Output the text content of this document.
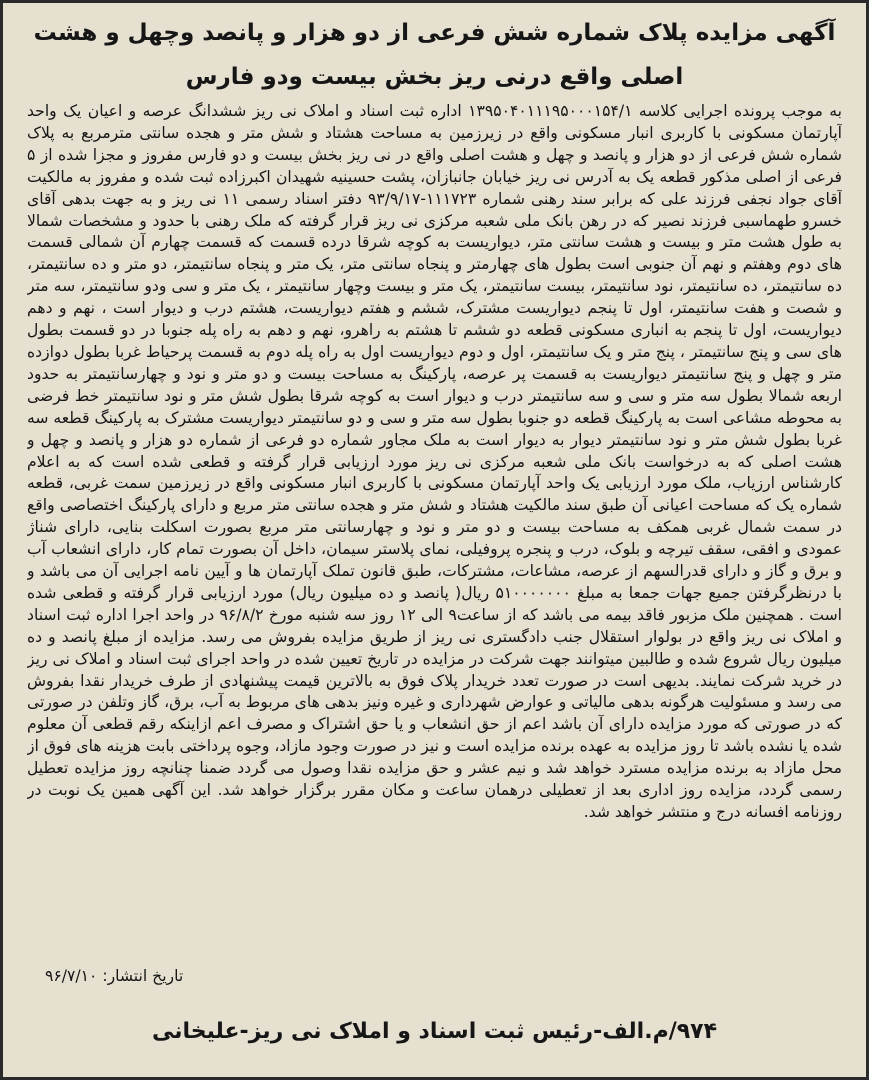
آگهی مزایده پلاک شماره شش فرعی از دو هزار و پانصد وچهل و هشت اصلی واقع درنی ریز بخش بیست ودو فارس

به موجب پرونده اجرایی کلاسه ۱۳۹۵۰۴۰۱۱۱۹۵۰۰۰۱۵۴/۱ اداره ثبت اسناد و املاک نی ریز ششدانگ عرصه و اعیان یک واحد آپارتمان مسکونی با کاربری انبار مسکونی واقع در زیرزمین به مساحت هشتاد و شش متر و هجده سانتی مترمربع به پلاک شماره شش فرعی از دو هزار و پانصد و چهل و هشت اصلی واقع در نی ریز بخش بیست و دو فارس مفروز و مجزا شده از ۵ فرعی از اصلی مذکور قطعه یک به آدرس نی ریز خیابان جانبازان، پشت حسینیه شهیدان اکبرزاده ثبت شده و مفروز به مالکیت آقای جواد نجفی فرزند علی که برابر سند رهنی شماره ۱۱۱۷۲۳-۹۳/۹/۱۷ دفتر اسناد رسمی ۱۱ نی ریز و به جهت بدهی آقای خسرو طهماسبی فرزند نصیر که در رهن بانک ملی شعبه مرکزی نی ریز قرار گرفته که ملک رهنی با حدود و مشخصات شمالا به طول هشت متر و بیست و هشت سانتی متر، دیواریست به کوچه شرقا درده قسمت که قسمت چهارم آن شمالی قسمت های دوم وهفتم و نهم آن جنوبی است بطول های چهارمتر و پنجاه سانتی متر، یک متر و پنجاه سانتیمتر، دو متر و ده سانتیمتر، ده سانتیمتر، ده سانتیمتر، نود سانتیمتر، بیست سانتیمتر، یک متر و بیست وچهار سانتیمتر ، یک متر و سی ودو سانتیمتر، سه متر و شصت و هفت سانتیمتر، اول تا پنجم دیواریست مشترک، ششم و هفتم دیواریست، هشتم درب و دیوار است ، نهم و دهم دیواریست، اول تا پنجم به انباری مسکونی قطعه دو ششم تا هشتم به راهرو، نهم و دهم به راه پله جنوبا در دو قسمت بطول های سی و پنج سانتیمتر ، پنج متر و یک سانتیمتر، اول و دوم دیواریست اول به راه پله دوم به قسمت پرحیاط غربا بطول دوازده متر و چهل و پنج سانتیمتر دیواریست به قسمت پر عرصه، پارکینگ به مساحت بیست و دو متر و نود و چهارسانتیمتر به حدود اربعه شمالا بطول سه متر و سی و سه سانتیمتر درب و دیوار است به کوچه شرقا بطول شش متر و نود سانتیمتر خط فرضی به محوطه مشاعی است به پارکینگ قطعه دو جنوبا بطول سه متر و سی و دو سانتیمتر دیواریست مشترک به پارکینگ قطعه سه غربا بطول شش متر و نود سانتیمتر دیوار به دیوار است به ملک مجاور شماره دو فرعی از شماره دو هزار و پانصد و چهل و هشت اصلی که به درخواست بانک ملی شعبه مرکزی نی ریز مورد ارزیابی قرار گرفته و قطعی شده است که به اعلام کارشناس ارزیاب، ملک مورد ارزیابی یک واحد آپارتمان مسکونی با کاربری انبار مسکونی واقع در زیرزمین سمت غربی، قطعه شماره یک که مساحت اعیانی آن طبق سند مالکیت هشتاد و شش متر و هجده سانتی متر مربع و دارای پارکینگ اختصاصی واقع در سمت شمال غربی همکف به مساحت بیست و دو متر و نود و چهارسانتی متر مربع بصورت اسکلت بنایی، دارای شناژ عمودی و افقی، سقف تیرچه و بلوک، درب و پنجره پروفیلی، نمای پلاستر سیمان، داخل آن بصورت تمام کار، دارای انشعاب آب و برق و گاز و دارای قدرالسهم از عرصه، مشاعات، مشترکات، طبق قانون تملک آپارتمان ها و آیین نامه اجرایی آن می باشد و با درنظرگرفتن جمیع جهات جمعا به مبلغ ۵۱۰۰۰۰۰۰۰ ریال( پانصد و ده میلیون ریال) مورد ارزیابی قرار گرفته و قطعی شده است . همچنین ملک مزبور فاقد بیمه می باشد که از ساعت۹ الی ۱۲ روز سه شنبه مورخ ۹۶/۸/۲ در واحد اجرا اداره ثبت اسناد و املاک نی ریز واقع در بولوار استقلال جنب دادگستری نی ریز از طریق مزایده بفروش می رسد. مزایده از مبلغ پانصد و ده میلیون ریال شروع شده و طالبین میتوانند جهت شرکت در مزایده در تاریخ تعیین شده در واحد اجرای ثبت اسناد و املاک نی ریز در خرید شرکت نمایند. بدیهی است در صورت تعدد خریدار پلاک فوق به بالاترین قیمت پیشنهادی از طرف خریدار نقدا بفروش می رسد و مسئولیت هرگونه بدهی مالیاتی و عوارض شهرداری و غیره ونیز بدهی های مربوط به آب، برق، گاز وتلفن در صورتی که در صورتی که مورد مزایده دارای آن باشد اعم از حق انشعاب و یا حق اشتراک و مصرف اعم ازاینکه رقم قطعی آن معلوم شده یا نشده باشد تا روز مزایده به عهده برنده مزایده است و نیز در صورت وجود مازاد، وجوه پرداختی بابت هزینه های فوق از محل مازاد به برنده مزایده مسترد خواهد شد و نیم عشر و حق مزایده نقدا وصول می گردد ضمنا چنانچه روز مزایده تعطیل رسمی گردد، مزایده روز اداری بعد از تعطیلی درهمان ساعت و مکان مقرر برگزار خواهد شد. این آگهی همین یک نوبت در روزنامه افسانه درج و منتشر خواهد شد.

تاریخ انتشار: ۹۶/۷/۱۰
۹۷۴/م.الف-رئیس ثبت اسناد و املاک نی ریز-علیخانی
